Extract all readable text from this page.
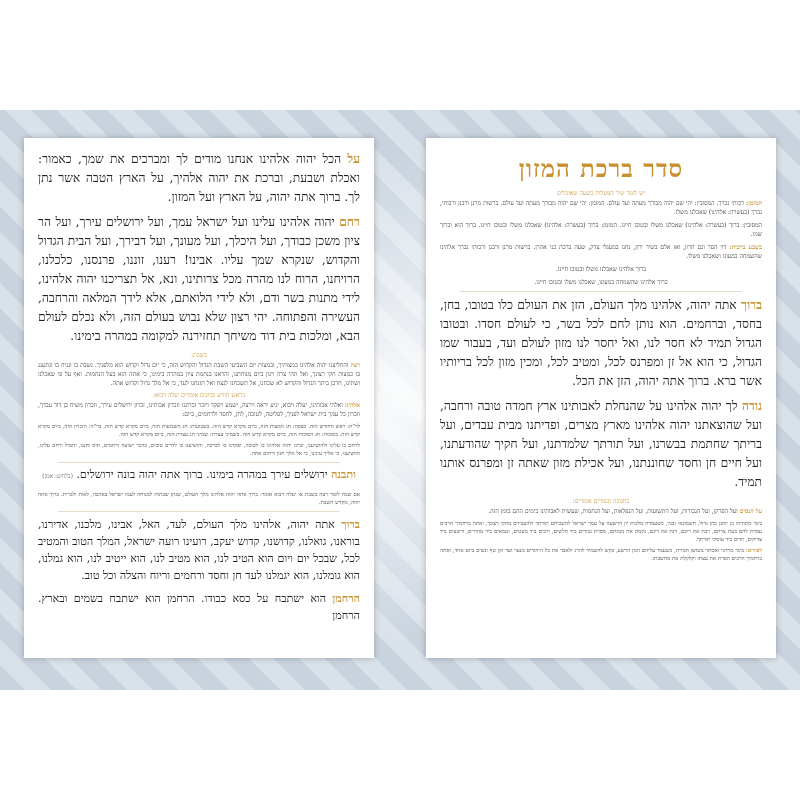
על הכל יהוה אלהינו אנחנו מודים לך ומברכים את שמך, כאמור: ואכלת ושבעת, וברכת את יהוה אלהיך, על הארץ הטבה אשר נתן לך. ברוך אתה יהוה, על הארץ ועל המזון.

רחם יהוה אלהינו עלינו ועל ישראל עמך, ועל ירושלים עירך, ועל הר ציון משכן כבודך, ועל היכלך, ועל מעונך, ועל דבירך, ועל הבית הגדול והקדוש, שנקרא שמך עליו. אבינו! רענו, זוננו, פרנסנו, כלכלנו, הרויחנו, הרוח לנו מהרה מכל צרותינו, ונא, אל תצריכנו יהוה אלהינו, לידי מתנות בשר ודם, ולא לידי הלואתם, אלא לידך המלאה והרחבה, העשירה והפתוחה. יהי רצון שלא נבוש בעולם הזה, ולא נכלם לעולם הבא, ומלכות בית דוד משיחך תחזירנה למקומה במהרה בימינו.

בשבת:

רצה והחליצנו יהוה אלהינו במצותיך, ובמצות יום השביעי השבת הגדול והקדוש הזה, כי יום גדול וקדוש הוא מלפניך. נשבת בו ונניח בו ונתענג בו כמצות חקי רצונך, ואל תהי צרה ויגון ביום מנוחתנו, והראנו בנחמת ציון במהרה בימינו, כי אתה הוא בעל הנחמות. ואף על פי שאכלנו ושתינו, חרבן ביתך הגדול והקדוש לא שכחנו, אל תשכחנו לנצח ואל תזנחנו לעד, כי אל מלך גדול וקדוש אתה.

בראש חודש ובחגים אומרים יעלה ויבוא:

אלהינו ואלהי אבותינו, יעלה ויבוא, יגיע יראה וירצה, ישמע ויפקד ויזכר זכרוננו וזכרון אבותינו, זכרון ירושלים עירך, וזכרון משיח בן דוד עבדך, וזכרון כל עמך בית ישראל לפניך, לפליטה, לטובה, לחן, לחסד ולרחמים, ביום:

לר"ח: ראש החודש הזה. בפסח: חג המצות הזה, ביום מקרא קדש הזה. בשבועות: חג השבועות הזה, ביום מקרא קדש הזה. בר"ה: הזכרון הזה, ביום מקרא קדש הזה. בסוכות: חג הסוכות הזה, ביום מקרא קדש הזה. בשמיני עצרת: שמיני חג עצרת הזה, ביום מקרא קדש הזה.

לרחם בו עלינו ולהושיענו, זכרנו יהוה אלהינו בו לטובה, ופקדנו בו לברכה, והושיענו בו לחיים טובים, בדבר ישועה ורחמים, חוס וחננו, וחמול ורחם עלינו, והושיענו, כי אליך עינינו, כי אל מלך חנון ורחום אתה.

ותבנה ירושלים עירך במהרה בימינו. ברוך אתה יהוה בונה ירושלים. (בלחש: אמן)

אם שכח לומר רצה בשבת או יעלה ויבוא אומר: ברוך אתה יהוה אלהינו מלך העולם, שנתן שבתות למנוחה לעמו ישראל באהבה, לאות ולברית. ברוך אתה יהוה, מקדש השבת.

ברוך אתה יהוה, אלהינו מלך העולם, לעד, האל, אבינו, מלכנו, אדירנו, בוראנו, גואלנו, קדושנו, קדוש יעקב, רועינו רועה ישראל, המלך הטוב והמטיב לכל, שבכל יום ויום הוא הטיב לנו, הוא מטיב לנו, הוא ייטיב לנו, הוא גמלנו, הוא גומלנו, הוא יגמלנו לעד חן וחסד ורחמים וריוח והצלה וכל טוב.

הרחמן הוא ישתבח על כסא כבודו. הרחמן הוא ישתבח בשמים ובארץ. הרחמן

סדר ברכת המזון
יש לומר שיר המעלות בשעה שאוכלים

המזמן: רבותי נברך. המסובין: יהי שם יהוה מבורך מעתה ועד עולם. המזמן: יהי שם יהוה מבורך מעתה ועד עולם. ברשות מרנן ורבנן ורבותי, נברך (בעשרה: אלהינו) שאכלנו משלו.

המסובין: ברוך (בעשרה: אלהינו) שאכלנו משלו ובטובו חיינו. המזמן: ברוך (בעשרה: אלהינו) שאכלנו משלו ובטובו חיינו. ברוך הוא וברוך שמו.

בשבע ברכות: דוי הסר וגם חרון, ואז אלם בשיר ירון, נחנו במעגלי צדק, שעה ברכת בני אהרן. ברשות מרנן ורבנן ורבותי נברך אלהינו שהשמחה במעונו ושאכלנו משלו.

ברוך אלהינו שאכלנו משלו ובטובו חיינו.

ברוך אלהינו שהשמחה במעונו, שאכלנו משלו ובטובו חיינו.

ברוך אתה יהוה, אלהינו מלך העולם, הזן את העולם כלו בטובו, בחן, בחסד, וברחמים. הוא נותן לחם לכל בשר, כי לעולם חסדו. ובטובו הגדול תמיד לא חסר לנו, ואל יחסר לנו מזון לעולם ועד, בעבור שמו הגדול, כי הוא אל זן ומפרנס לכל, ומטיב לכל, ומכין מזון לכל בריותיו אשר ברא. ברוך אתה יהוה, הזן את הכל.

נודה לך יהוה אלהינו על שהנחלת לאבותינו ארץ חמדה טובה ורחבה, ועל שהוצאתנו יהוה אלהינו מארץ מצרים, ופדיתנו מבית עבדים, ועל בריתך שחתמת בבשרנו, ועל תורתך שלמדתנו, ועל חקיך שהודעתנו, ועל חיים חן וחסד שחוננתנו, ועל אכילת מזון שאתה זן ומפרנס אותנו תמיד.

בחנוכה ובפורים אומרים:

על הנסים ועל הפרקן, ועל הגבורות, ועל התשועות, ועל הנפלאות, ועל הנחמות, שעשית לאבותינו בימים ההם בזמן הזה.

בימי מתתיהו בן יוחנן כהן גדול, חשמונאי ובניו, כשעמדה מלכות יון הרשעה על עמך ישראל להשכיחם תורתך ולהעבירם מחקי רצונך, ואתה ברחמיך הרבים עמדת להם בעת צרתם, רבת את ריבם, דנת את דינם, נקמת את נקמתם, מסרת גבורים ביד חלשים, ורבים ביד מעטים, וטמאים ביד טהורים, ורשעים ביד צדיקים, וזדים ביד עוסקי תורתך.

לפורים: בימי מרדכי ואסתר בשושן הבירה, כשעמד עליהם המן הרשע, בקש להשמיד להרג ולאבד את כל היהודים מנער ועד זקן טף ונשים ביום אחד, ואתה ברחמיך הרבים הפרת את עצתו וקלקלת את מחשבתו.
